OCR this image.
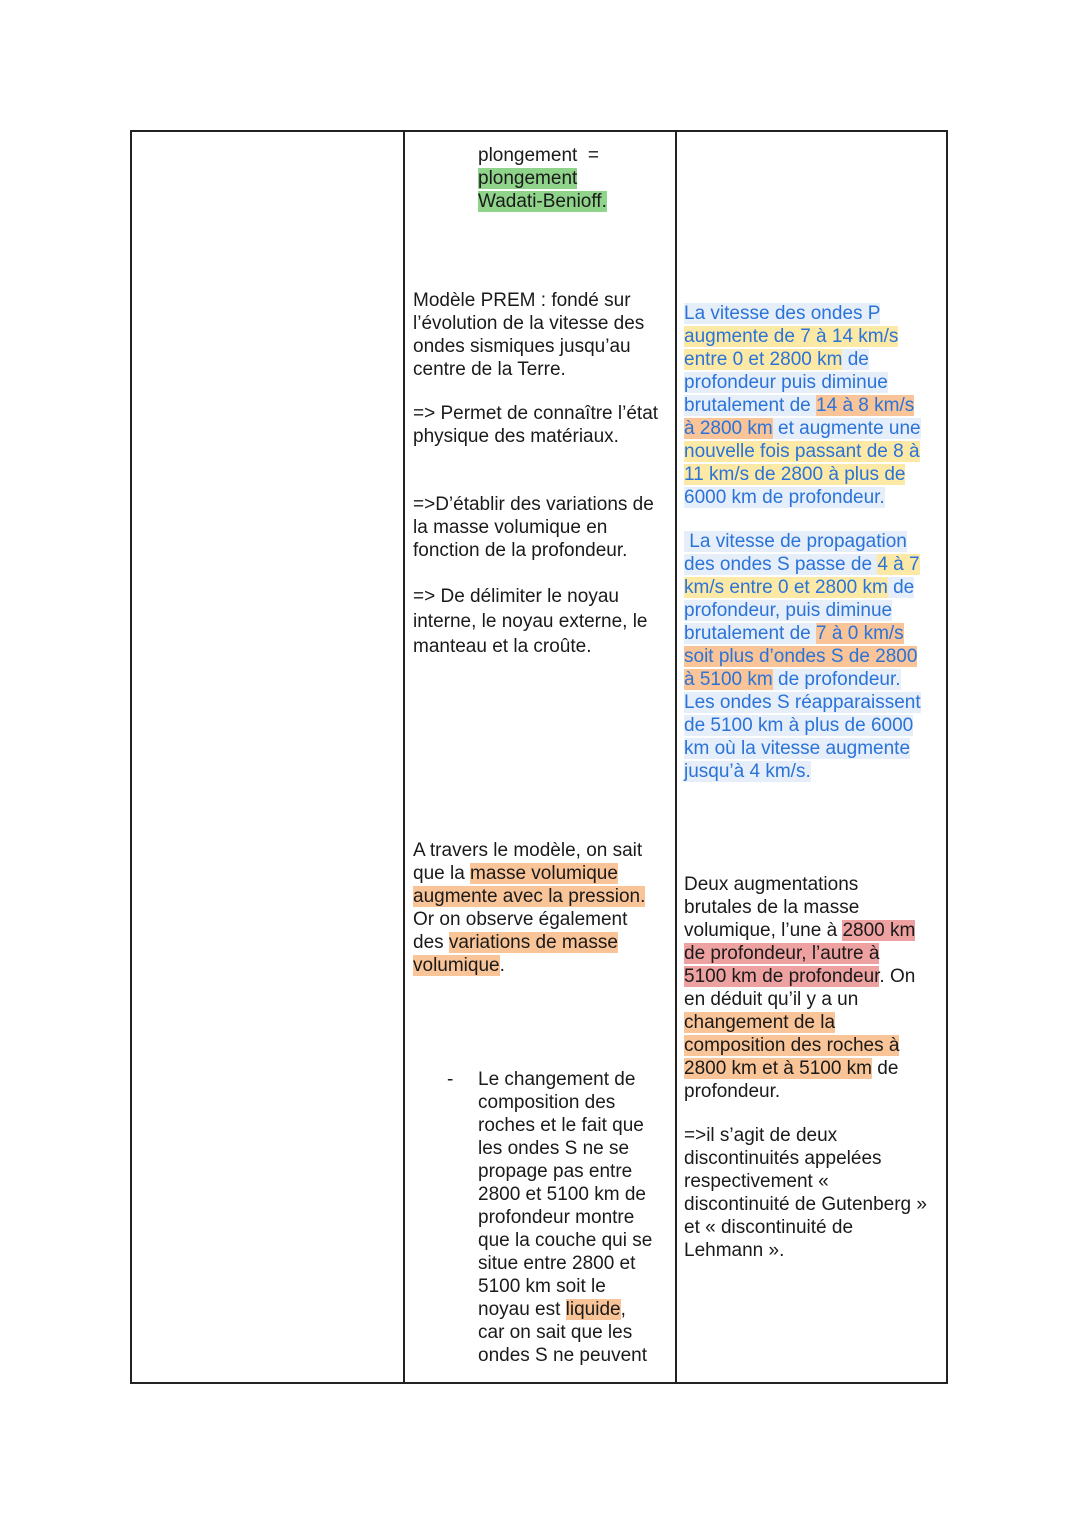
plongement  =
plongement
Wadati-Benioff.

Modèle PREM : fondé sur l’évolution de la vitesse des ondes sismiques jusqu’au centre de la Terre.

=> Permet de connaître l’état physique des matériaux.

=>D’établir des variations de la masse volumique en fonction de la profondeur.

=> De délimiter le noyau interne, le noyau externe, le manteau et la croûte.

A travers le modèle, on sait
que la masse volumique
augmente avec la pression.
Or on observe également
des variations de masse
volumique.
- Le changement de
composition des
roches et le fait que
les ondes S ne se
propage pas entre
2800 et 5100 km de
profondeur montre
que la couche qui se
situe entre 2800 et
5100 km soit le
noyau est liquide,
car on sait que les
ondes S ne peuvent
La vitesse des ondes P
augmente de 7 à 14 km/s
entre 0 et 2800 km de
profondeur puis diminue
brutalement de 14 à 8 km/s
à 2800 km et augmente une
nouvelle fois passant de 8 à
11 km/s de 2800 à plus de
6000 km de profondeur.
La vitesse de propagation
des ondes S passe de 4 à 7
km/s entre 0 et 2800 km de
profondeur, puis diminue
brutalement de 7 à 0 km/s
soit plus d’ondes S de 2800
à 5100 km de profondeur.
Les ondes S réapparaissent
de 5100 km à plus de 6000
km où la vitesse augmente
jusqu’à 4 km/s.
Deux augmentations
brutales de la masse
volumique, l’une à 2800 km
de profondeur, l’autre à
5100 km de profondeur. On
en déduit qu’il y a un
changement de la
composition des roches à
2800 km et à 5100 km de
profondeur.

=>il s’agit de deux discontinuités appelées respectivement « discontinuité de Gutenberg » et « discontinuité de Lehmann ».
